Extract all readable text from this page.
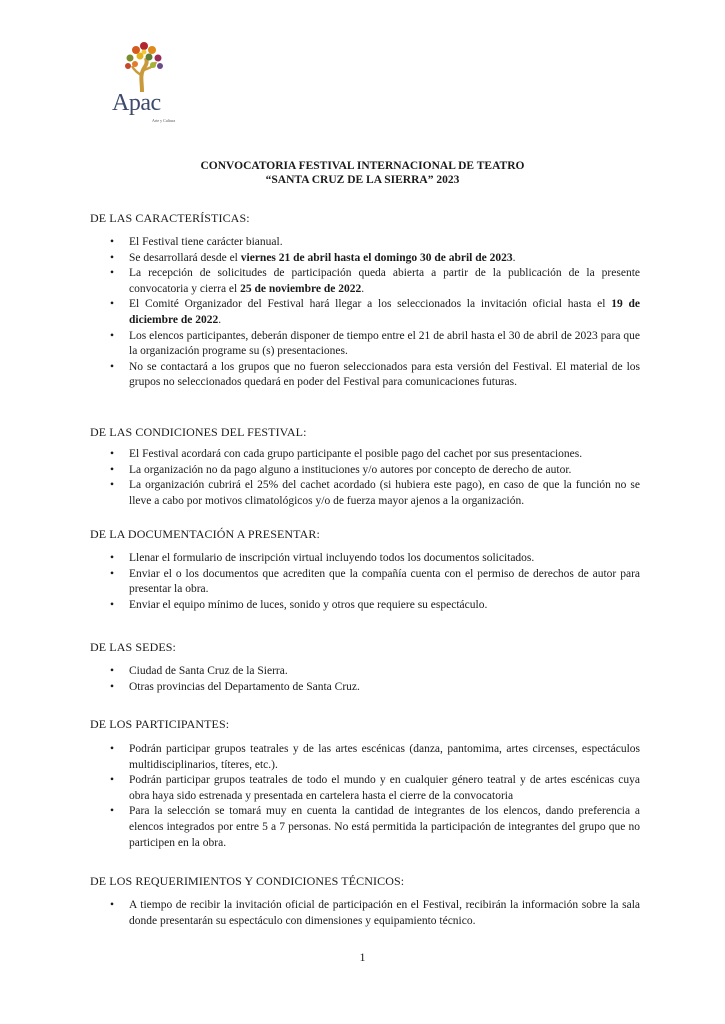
Apac
Arte y Cultura
CONVOCATORIA FESTIVAL INTERNACIONAL DE TEATRO
“SANTA CRUZ DE LA SIERRA” 2023
DE LAS CARACTERÍSTICAS:
• El Festival tiene carácter bianual.
• Se desarrollará desde el viernes 21 de abril hasta el domingo 30 de abril de 2023.
• La recepción de solicitudes de participación queda abierta a partir de la publicación de la presente convocatoria y cierra el 25 de noviembre de 2022.
• El Comité Organizador del Festival hará llegar a los seleccionados la invitación oficial hasta el 19 de diciembre de 2022.
• Los elencos participantes, deberán disponer de tiempo entre el 21 de abril hasta el 30 de abril de 2023 para que la organización programe su (s) presentaciones.
• No se contactará a los grupos que no fueron seleccionados para esta versión del Festival. El material de los grupos no seleccionados quedará en poder del Festival para comunicaciones futuras.
DE LAS CONDICIONES DEL FESTIVAL:
• El Festival acordará con cada grupo participante el posible pago del cachet por sus presentaciones.
• La organización no da pago alguno a instituciones y/o autores por concepto de derecho de autor.
• La organización cubrirá el 25% del cachet acordado (si hubiera este pago), en caso de que la función no se lleve a cabo por motivos climatológicos y/o de fuerza mayor ajenos a la organización.
DE LA DOCUMENTACIÓN A PRESENTAR:
• Llenar el formulario de inscripción virtual incluyendo todos los documentos solicitados.
• Enviar el o los documentos que acrediten que la compañía cuenta con el permiso de derechos de autor para presentar la obra.
• Enviar el equipo mínimo de luces, sonido y otros que requiere su espectáculo.
DE LAS SEDES:
• Ciudad de Santa Cruz de la Sierra.
• Otras provincias del Departamento de Santa Cruz.
DE LOS PARTICIPANTES:
• Podrán participar grupos teatrales y de las artes escénicas (danza, pantomima, artes circenses, espectáculos multidisciplinarios, títeres, etc.).
• Podrán participar grupos teatrales de todo el mundo y en cualquier género teatral y de artes escénicas cuya obra haya sido estrenada y presentada en cartelera hasta el cierre de la convocatoria
• Para la selección se tomará muy en cuenta la cantidad de integrantes de los elencos, dando preferencia a elencos integrados por entre 5 a 7 personas. No está permitida la participación de integrantes del grupo que no participen en la obra.
DE LOS REQUERIMIENTOS Y CONDICIONES TÉCNICOS:
• A tiempo de recibir la invitación oficial de participación en el Festival, recibirán la información sobre la sala donde presentarán su espectáculo con dimensiones y equipamiento técnico.
1
